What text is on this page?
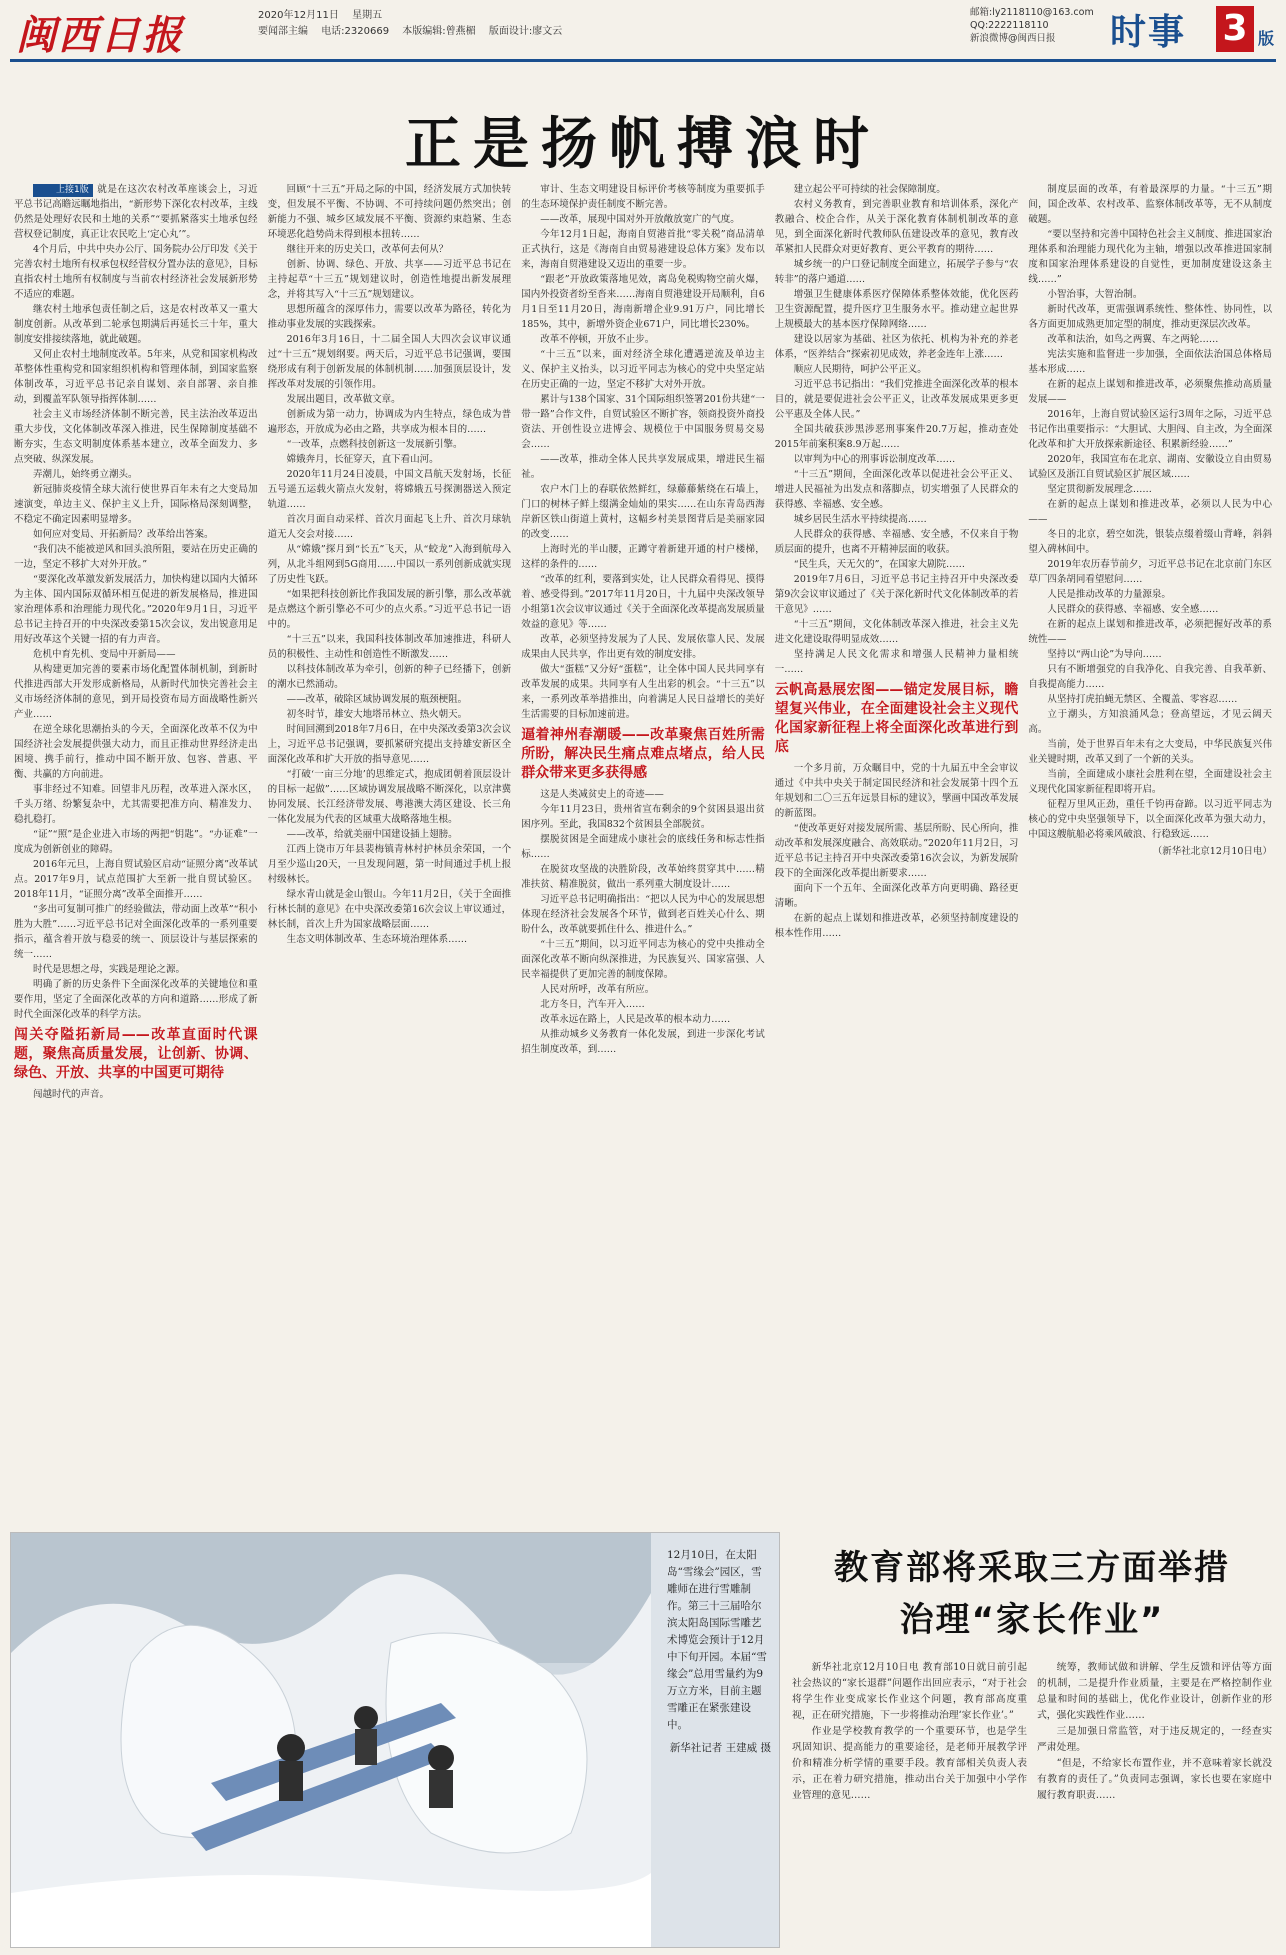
闽西日报	2020年12月11日 星期五
要闻部主编 电话:2320669 本版编辑:曾燕楣 版面设计:廖文云
邮箱:ly2118110@163.com
QQ:2222118110
新浪微博@闽西日报	时事 3 版
正是扬帆搏浪时

上接1版 就是在这次农村改革座谈会上，习近平总书记高瞻远瞩地指出，“新形势下深化农村改革，主线仍然是处理好农民和土地的关系”“要抓紧落实土地承包经营权登记制度，真正让农民吃上‘定心丸’”。

4个月后，中共中央办公厅、国务院办公厅印发《关于完善农村土地所有权承包权经营权分置办法的意见》，目标直指农村土地所有权制度与当前农村经济社会发展新形势不适应的难题。

继农村土地承包责任制之后，这是农村改革又一重大制度创新。从改革到二轮承包期满后再延长三十年，重大制度安排接续落地，就此破题。

又何止农村土地制度改革。5年来，从党和国家机构改革整体性重构党和国家组织机构和管理体制，到国家监察体制改革，习近平总书记亲自谋划、亲自部署、亲自推动，到覆盖军队领导指挥体制……

社会主义市场经济体制不断完善，民主法治改革迈出重大步伐，文化体制改革深入推进，民生保障制度基础不断夯实，生态文明制度体系基本建立，改革全面发力、多点突破、纵深发展。

弄潮儿，始终勇立潮头。

新冠肺炎疫情全球大流行使世界百年未有之大变局加速演变，单边主义、保护主义上升，国际格局深刻调整，不稳定不确定因素明显增多。

如何应对变局、开拓新局？改革给出答案。

“我们决不能被逆风和回头浪所阻，要站在历史正确的一边，坚定不移扩大对外开放。”

“要深化改革激发新发展活力，加快构建以国内大循环为主体、国内国际双循环相互促进的新发展格局，推进国家治理体系和治理能力现代化。”2020年9月1日，习近平总书记主持召开的中央深改委第15次会议，发出锐意用足用好改革这个关键一招的有力声音。

危机中育先机、变局中开新局——

从构建更加完善的要素市场化配置体制机制，到新时代推进西部大开发形成新格局，从新时代加快完善社会主义市场经济体制的意见，到开局投资布局方面战略性新兴产业……

在逆全球化思潮抬头的今天，全面深化改革不仅为中国经济社会发展提供强大动力，而且正推动世界经济走出困境、携手前行，推动中国不断开放、包容、普惠、平衡、共赢的方向前进。

事非经过不知难。回望非凡历程，改革进入深水区，千头万绪、纷繁复杂中，尤其需要把准方向、精准发力、稳扎稳打。

“证”“照”是企业进入市场的两把“钥匙”。“办证难”一度成为创新创业的障碍。

2016年元旦，上海自贸试验区启动“证照分离”改革试点。2017年9月，试点范围扩大至新一批自贸试验区。2018年11月，“证照分离”改革全面推开……

“多出可复制可推广的经验做法，带动面上改革”“积小胜为大胜”……习近平总书记对全面深化改革的一系列重要指示，蕴含着开放与稳妥的统一、顶层设计与基层探索的统一……

时代是思想之母，实践是理论之源。

明确了新的历史条件下全面深化改革的关键地位和重要作用，坚定了全面深化改革的方向和道路……形成了新时代全面深化改革的科学方法。

闯关夺隘拓新局——改革直面时代课题，聚焦高质量发展，让创新、协调、绿色、开放、共享的中国更可期待

闯越时代的声音。

回顾“十三五”开局之际的中国，经济发展方式加快转变，但发展不平衡、不协调、不可持续问题仍然突出；创新能力不强、城乡区域发展不平衡、资源约束趋紧、生态环境恶化趋势尚未得到根本扭转……

继往开来的历史关口，改革何去何从？

创新、协调、绿色、开放、共享——习近平总书记在主持起草“十三五”规划建议时，创造性地提出新发展理念，并将其写入“十三五”规划建议。

思想所蕴含的深厚伟力，需要以改革为路径，转化为推动事业发展的实践探索。

2016年3月16日，十二届全国人大四次会议审议通过“十三五”规划纲要。两天后，习近平总书记强调，要围绕形成有利于创新发展的体制机制……加强顶层设计，发挥改革对发展的引领作用。

发展出题目，改革做文章。

创新成为第一动力，协调成为内生特点，绿色成为普遍形态，开放成为必由之路，共享成为根本目的……

“一改革，点燃科技创新这一发展新引擎。

嫦娥奔月，长征穿天，直下看山河。

2020年11月24日凌晨，中国文昌航天发射场，长征五号遥五运载火箭点火发射，将嫦娥五号探测器送入预定轨道……

首次月面自动采样、首次月面起飞上升、首次月球轨道无人交会对接……

从“嫦娥”探月到“长五”飞天，从“蛟龙”入海到航母入列，从北斗组网到5G商用……中国以一系列创新成就实现了历史性飞跃。

“如果把科技创新比作我国发展的新引擎，那么改革就是点燃这个新引擎必不可少的点火系。”习近平总书记一语中的。

“十三五”以来，我国科技体制改革加速推进，科研人员的积极性、主动性和创造性不断激发……

以科技体制改革为牵引，创新的种子已经播下，创新的潮水已然涌动。

——改革，破除区域协调发展的瓶颈梗阻。

初冬时节，雄安大地塔吊林立、热火朝天。

时间回溯到2018年7月6日，在中央深改委第3次会议上，习近平总书记强调，要抓紧研究提出支持雄安新区全面深化改革和扩大开放的指导意见……

“打破‘一亩三分地’的思维定式，抱成团朝着顶层设计的目标一起做”……区域协调发展战略不断深化，以京津冀协同发展、长江经济带发展、粤港澳大湾区建设、长三角一体化发展为代表的区域重大战略落地生根。

——改革，给就美丽中国建设插上翅膀。

江西上饶市万年县裴梅镇青林村护林员余荣国，一个月至少巡山20天，一旦发现问题，第一时间通过手机上报村级林长。

绿水青山就是金山银山。今年11月2日，《关于全面推行林长制的意见》在中央深改委第16次会议上审议通过，林长制，首次上升为国家战略层面……

生态文明体制改革、生态环境治理体系……

审计、生态文明建设目标评价考核等制度为重要抓手的生态环境保护责任制度不断完善。

——改革，展现中国对外开放敞放宽广的气度。

今年12月1日起，海南自贸港首批“零关税”商品清单正式执行，这是《海南自由贸易港建设总体方案》发布以来，海南自贸港建设又迈出的重要一步。

“跟老”开放政策落地见效，离岛免税购物空前火爆，国内外投资者纷至沓来……海南自贸港建设开局顺利，自6月1日至11月20日，海南新增企业9.91万户，同比增长185%，其中，新增外资企业671户，同比增长230%。

改革不停顿，开放不止步。

“十三五”以来，面对经济全球化遭遇逆流及单边主义、保护主义抬头，以习近平同志为核心的党中央坚定站在历史正确的一边，坚定不移扩大对外开放。

累计与138个国家、31个国际组织签署201份共建“一带一路”合作文件，自贸试验区不断扩容，领商投资外商投资法、开创性设立进博会、规模位于中国服务贸易交易会……

——改革，推动全体人民共享发展成果，增进民生福祉。

农户木门上的春联依然鲜红，绿藤藤紫绕在石墙上，门口的树林子鲜上缀满金灿灿的果实……在山东青岛西海岸新区铁山街道上黄村，这幅乡村美景图背后是美丽家园的改变……

上海时光的半山腰，正蹲守着新建开通的村户楼梯，这样的条件的……

“改革的红利，要落到实处，让人民群众看得见、摸得着、感受得到。”2017年11月20日，十九届中央深改领导小组第1次会议审议通过《关于全面深化改革提高发展质量效益的意见》等……

改革，必须坚持发展为了人民、发展依靠人民、发展成果由人民共享，作出更有效的制度安排。

做大“蛋糕”又分好“蛋糕”，让全体中国人民共同享有改革发展的成果。共同享有人生出彩的机会。“十三五”以来，一系列改革举措推出，向着满足人民日益增长的美好生活需要的目标加速前进。

逼着神州春潮暖——改革聚焦百姓所需所盼，解决民生痛点难点堵点，给人民群众带来更多获得感

这是人类减贫史上的奇迹——

今年11月23日，贵州省宣布剩余的9个贫困县退出贫困序列。至此，我国832个贫困县全部脱贫。

摆脱贫困是全面建成小康社会的底线任务和标志性指标……

在脱贫攻坚战的决胜阶段，改革始终贯穿其中……精准扶贫、精准脱贫，做出一系列重大制度设计……

习近平总书记明确指出：“把以人民为中心的发展思想体现在经济社会发展各个环节，做到老百姓关心什么、期盼什么，改革就要抓住什么、推进什么。”

“十三五”期间，以习近平同志为核心的党中央推动全面深化改革不断向纵深推进，为民族复兴、国家富强、人民幸福提供了更加完善的制度保障。

人民对所呼，改革有所应。

北方冬日，汽车开入……

改革永远在路上，人民是改革的根本动力……

从推动城乡义务教育一体化发展，到进一步深化考试招生制度改革，到……

建立起公平可持续的社会保障制度。

农村义务教育，到完善职业教育和培训体系，深化产教融合、校企合作，从关于深化教育体制机制改革的意见，到全面深化新时代教师队伍建设改革的意见，教育改革紧扣人民群众对更好教育、更公平教育的期待……

城乡统一的户口登记制度全面建立，拓展学子参与“农转非”的落户通道……

增强卫生健康体系医疗保障体系整体效能，优化医药卫生资源配置，提升医疗卫生服务水平。推动建立起世界上规模最大的基本医疗保障网络……

建设以居家为基础、社区为依托、机构为补充的养老体系，“医养结合”探索初见成效，养老金连年上涨……

顺应人民期待，呵护公平正义。

习近平总书记指出：“我们党推进全面深化改革的根本目的，就是要促进社会公平正义，让改革发展成果更多更公平惠及全体人民。”

全国共破获涉黑涉恶刑事案件20.7万起，推动查处2015年前案积案8.9万起……

以审判为中心的刑事诉讼制度改革……

“十三五”期间，全面深化改革以促进社会公平正义、增进人民福祉为出发点和落脚点，切实增强了人民群众的获得感、幸福感、安全感。

城乡居民生活水平持续提高……

人民群众的获得感、幸福感、安全感，不仅来自于物质层面的提升，也离不开精神层面的收获。

“民生兵，天无欠的”，在国家大剧院……

2019年7月6日，习近平总书记主持召开中央深改委第9次会议审议通过了《关于深化新时代文化体制改革的若干意见》……

“十三五”期间，文化体制改革深入推进，社会主义先进文化建设取得明显成效……

坚持满足人民文化需求和增强人民精神力量相统一……

云帆高悬展宏图——锚定发展目标，瞻望复兴伟业，在全面建设社会主义现代化国家新征程上将全面深化改革进行到底

一个多月前，万众瞩目中，党的十九届五中全会审议通过《中共中央关于制定国民经济和社会发展第十四个五年规划和二〇三五年远景目标的建议》，擘画中国改革发展的新蓝图。

“使改革更好对接发展所需、基层所盼、民心所向，推动改革和发展深度融合、高效联动。”2020年11月2日，习近平总书记主持召开中央深改委第16次会议，为新发展阶段下的全面深化改革提出新要求……

面向下一个五年、全面深化改革方向更明确、路径更清晰。

在新的起点上谋划和推进改革，必须坚持制度建设的根本性作用……

制度层面的改革，有着最深厚的力量。“十三五”期间，国企改革、农村改革、监察体制改革等，无不从制度破题。

“要以坚持和完善中国特色社会主义制度、推进国家治理体系和治理能力现代化为主轴，增强以改革推进国家制度和国家治理体系建设的自觉性，更加制度建设这条主线……”

小智治事，大智治制。

新时代改革，更需强调系统性、整体性、协同性，以各方面更加成熟更加定型的制度，推动更深层次改革。

改革和法治，如鸟之两翼、车之两轮……

宪法实施和监督进一步加强，全面依法治国总体格局基本形成……

在新的起点上谋划和推进改革，必须聚焦推动高质量发展——

2016年，上海自贸试验区运行3周年之际，习近平总书记作出重要指示：“大胆试、大胆闯、自主改，为全面深化改革和扩大开放探索新途径、积累新经验……”

2020年，我国宣布在北京、湖南、安徽设立自由贸易试验区及浙江自贸试验区扩展区域……

坚定贯彻新发展理念……

在新的起点上谋划和推进改革，必须以人民为中心——

冬日的北京，碧空如洗，银装点缀着缀山背峰，斜斜望入碑林间中。

2019年农历春节前夕，习近平总书记在北京前门东区草厂四条胡同看望慰问……

人民是推动改革的力量源泉。

人民群众的获得感、幸福感、安全感……

在新的起点上谋划和推进改革，必须把握好改革的系统性——

坚持以“两山论”为导向……

只有不断增强党的自我净化、自我完善、自我革新、自我提高能力……

从坚持打虎拍蝇无禁区、全覆盖、零容忍……

立于潮头，方知浪涌风急；登高望远，才见云阔天高。

当前，处于世界百年未有之大变局，中华民族复兴伟业关键时期，改革又到了一个新的关头。

当前，全面建成小康社会胜利在望，全面建设社会主义现代化国家新征程即将开启。

征程万里风正劲，重任千钧再奋蹄。以习近平同志为核心的党中央坚强领导下，以全面深化改革为强大动力，中国这艘航船必将乘风破浪、行稳致远……

（新华社北京12月10日电）

12月10日，在太阳岛“雪缘会”园区，雪雕师在进行雪雕制作。第三十三届哈尔滨太阳岛国际雪雕艺术博览会预计于12月中下旬开园。本届“雪缘会”总用雪量约为9万立方米，目前主题雪雕正在紧张建设中。
新华社记者 王建威 摄
教育部将采取三方面举措
治理“家长作业”

新华社北京12月10日电 教育部10日就日前引起社会热议的“家长退群”问题作出回应表示，“对于社会将学生作业变成家长作业这个问题，教育部高度重视，正在研究措施，下一步将推动治理‘家长作业’。”

作业是学校教育教学的一个重要环节，也是学生巩固知识、提高能力的重要途径，是老师开展教学评价和精准分析学情的重要手段。教育部相关负责人表示，正在着力研究措施，推动出台关于加强中小学作业管理的意见……

统筹，教师试做和讲解、学生反馈和评估等方面的机制，二是提升作业质量，主要是在严格控制作业总量和时间的基础上，优化作业设计，创新作业的形式，强化实践性作业……

三是加强日常监管，对于违反规定的，一经查实严肃处理。

“但是，不给家长布置作业，并不意味着家长就没有教育的责任了。”负责同志强调，家长也要在家庭中履行教育职责……
